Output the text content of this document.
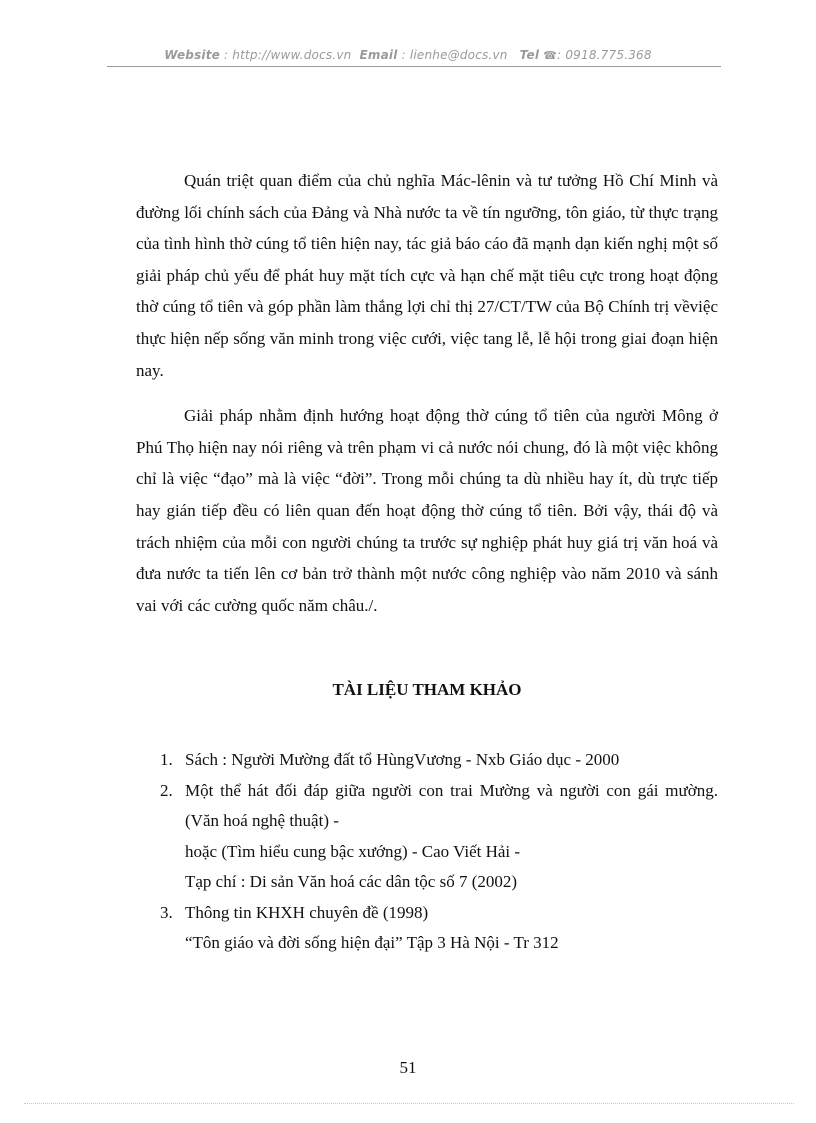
Website : http://www.docs.vn Email : lienhe@docs.vn Tel ☎: 0918.775.368

Quán triệt quan điểm của chủ nghĩa Mác-lênin và tư tưởng Hồ Chí Minh và đường lối chính sách của Đảng và Nhà nước ta về tín ngưỡng, tôn giáo, từ thực trạng của tình hình thờ cúng tổ tiên hiện nay, tác giả báo cáo đã mạnh dạn kiến nghị một số giải pháp chủ yếu để phát huy mặt tích cực và hạn chế mặt tiêu cực trong hoạt động thờ cúng tổ tiên và góp phần làm thắng lợi chỉ thị 27/CT/TW của Bộ Chính trị vềviệc thực hiện nếp sống văn minh trong việc cưới, việc tang lễ, lễ hội trong giai đoạn hiện nay.

Giải pháp nhằm định hướng hoạt động thờ cúng tổ tiên của người Mông ở Phú Thọ hiện nay nói riêng và trên phạm vi cả nước nói chung, đó là một việc không chỉ là việc “đạo” mà là việc “đời”. Trong mỗi chúng ta dù nhiều hay ít, dù trực tiếp hay gián tiếp đều có liên quan đến hoạt động thờ cúng tổ tiên. Bởi vậy, thái độ và trách nhiệm của mỗi con người chúng ta trước sự nghiệp phát huy giá trị văn hoá và đưa nước ta tiến lên cơ bản trở thành một nước công nghiệp vào năm 2010 và sánh vai với các cường quốc năm châu./.

TÀI LIỆU THAM KHẢO
1. Sách : Người Mường đất tổ HùngVương - Nxb Giáo dục - 2000
2. Một thể hát đối đáp giữa người con trai Mường và người con gái mường. (Văn hoá nghệ thuật) -
hoặc (Tìm hiểu cung bậc xướng) - Cao Viết Hải -
Tạp chí : Di sản Văn hoá các dân tộc số 7 (2002)
3. Thông tin KHXH chuyên đề (1998)
“Tôn giáo và đời sống hiện đại” Tập 3 Hà Nội - Tr 312
51
